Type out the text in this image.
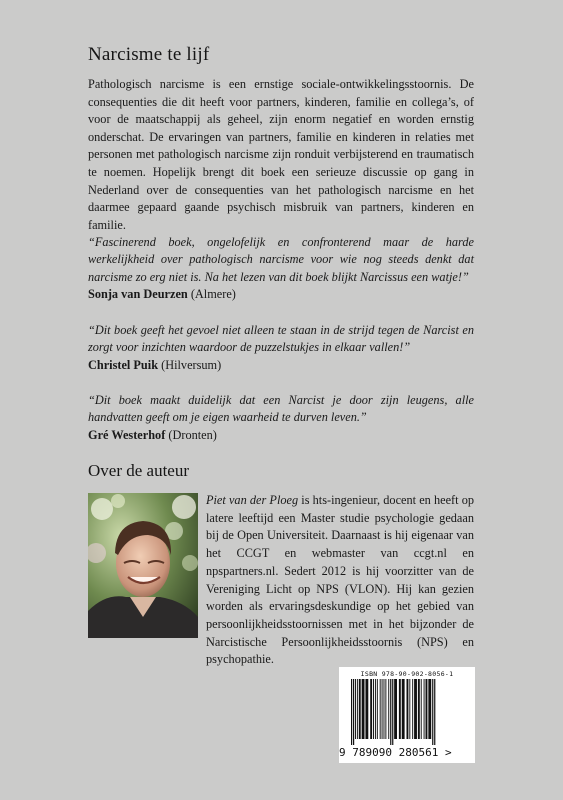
Narcisme te lijf

Pathologisch narcisme is een ernstige sociale-ontwikkelingsstoornis. De consequenties die dit heeft voor partners, kinderen, familie en collega’s, of voor de maatschappij als geheel, zijn enorm negatief en worden ernstig onderschat. De ervaringen van partners, familie en kinderen in relaties met personen met pathologisch narcisme zijn ronduit verbijsterend en traumatisch te noemen. Hopelijk brengt dit boek een serieuze discussie op gang in Nederland over de consequenties van het pathologisch narcisme en het daarmee gepaard gaande psychisch misbruik van partners, kinderen en familie.

“Fascinerend boek, ongelofelijk en confronterend maar de harde werkelijkheid over pathologisch narcisme voor wie nog steeds denkt dat narcisme zo erg niet is. Na het lezen van dit boek blijkt Narcissus een watje!”
Sonja van Deurzen (Almere)

“Dit boek geeft het gevoel niet alleen te staan in de strijd tegen de Narcist en zorgt voor inzichten waardoor de puzzelstukjes in elkaar vallen!”
Christel Puik (Hilversum)

“Dit boek maakt duidelijk dat een Narcist je door zijn leugens, alle handvatten geeft om je eigen waarheid te durven leven.”
Gré Westerhof (Dronten)

Over de auteur

Piet van der Ploeg is hts-ingenieur, docent en heeft op latere leeftijd een Master studie psychologie gedaan bij de Open Universiteit. Daarnaast is hij eigenaar van het CCGT en webmaster van ccgt.nl en npspartners.nl. Sedert 2012 is hij voorzitter van de Vereniging Licht op NPS (VLON). Hij kan gezien worden als ervaringsdeskundige op het gebied van persoonlijkheidsstoornissen met in het bijzonder de Narcistische Persoonlijkheidsstoornis (NPS) en psychopathie.

ISBN 978-90-902-8056-1
9 789090 280561 >
